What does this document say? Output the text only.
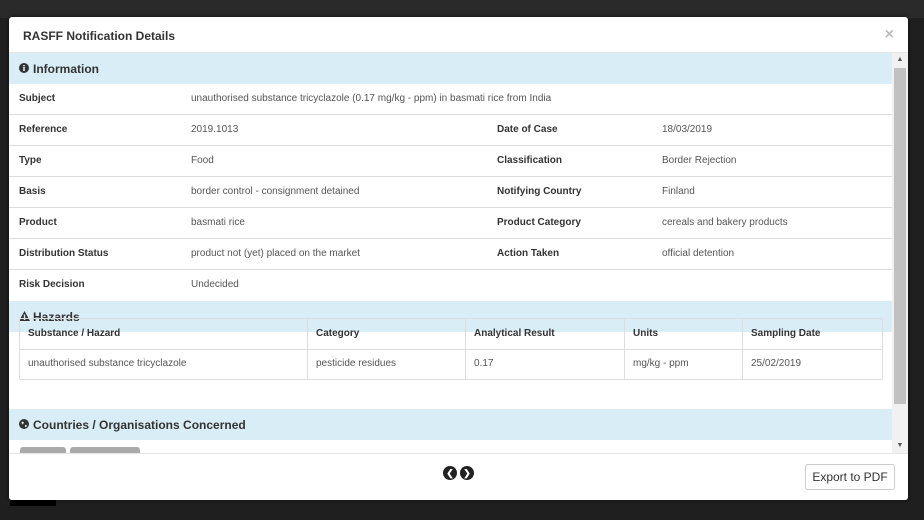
RASFF Notification Details	×
Information
Subject	unauthorised substance tricyclazole (0.17 mg/kg - ppm) in basmati rice from India
Reference	2019.1013	Date of Case	18/03/2019
Type	Food	Classification	Border Rejection
Basis	border control - consignment detained	Notifying Country	Finland
Product	basmati rice	Product Category	cereals and bakery products
Distribution Status	product not (yet) placed on the market	Action Taken	official detention
Risk Decision	Undecided
Hazards
Substance / Hazard	Category	Analytical Result	Units	Sampling Date
unauthorised substance tricyclazole	pesticide residues	0.17	mg/kg - ppm	25/02/2019
Countries / Organisations Concerned
▲
▼
❮	❯	Export to PDF
